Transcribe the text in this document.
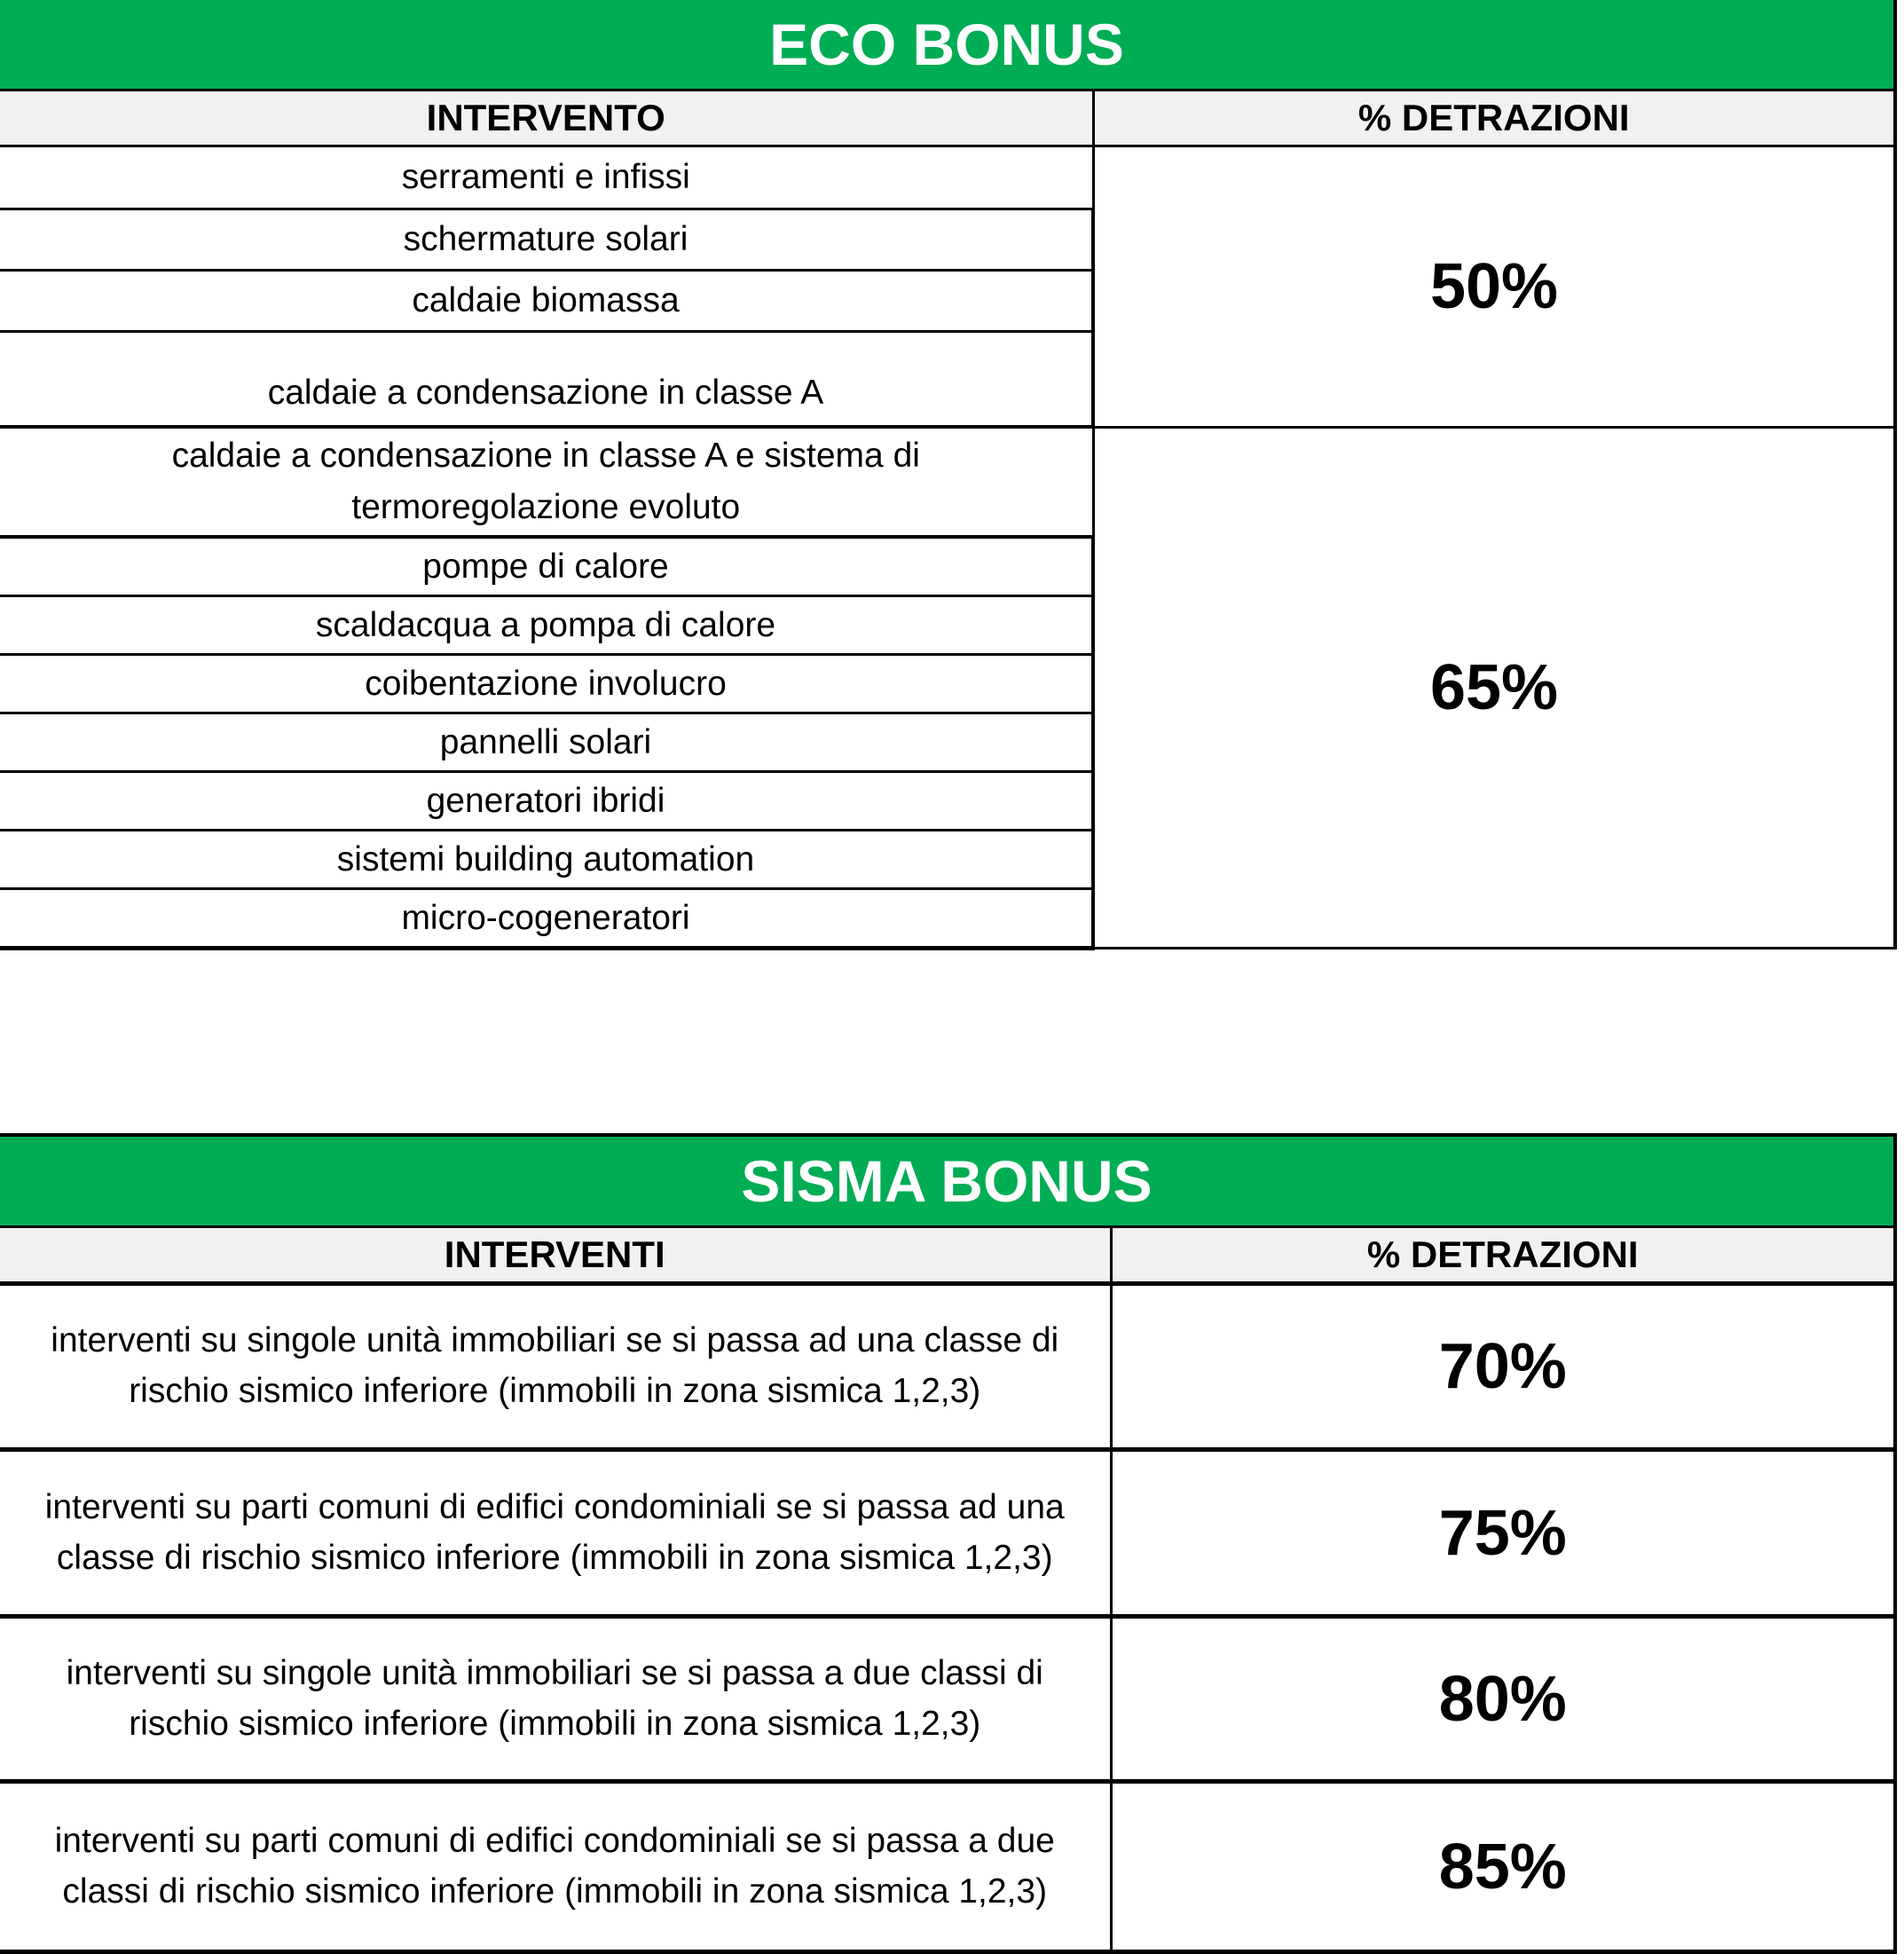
ECO BONUS	
INTERVENTO	% DETRAZIONI
serramenti e infissi	50%
schermature solari	
caldaie biomassa	
caldaie a condensazione in classe A	

caldaie a condensazione in classe A e sistema di termoregolazione evoluto	65%
pompe di calore	
scaldacqua a pompa di calore	
coibentazione involucro	
pannelli solari	
generatori ibridi	
sistemi building automation	
micro-cogeneratori	
SISMA BONUS	
INTERVENTI	% DETRAZIONI

interventi su singole unità immobiliari se si passa ad una classe di rischio sismico inferiore (immobili in zona sismica 1,2,3)	70%

interventi su parti comuni di edifici condominiali se si passa ad una classe di rischio sismico inferiore (immobili in zona sismica 1,2,3)	75%

interventi su singole unità immobiliari se si passa a due classi di rischio sismico inferiore (immobili in zona sismica 1,2,3)	80%

interventi su parti comuni di edifici condominiali se si passa a due classi di rischio sismico inferiore (immobili in zona sismica 1,2,3)	85%
